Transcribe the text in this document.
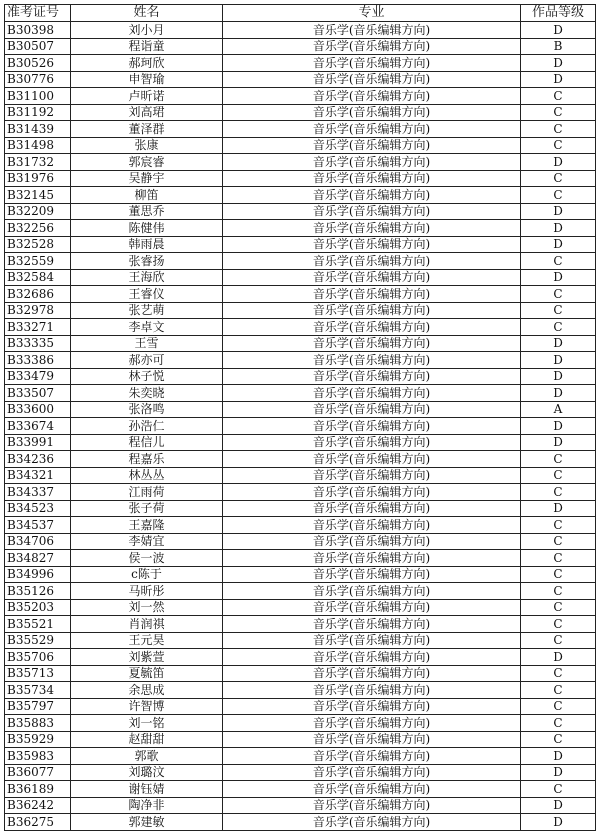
准考证号	姓名	专业	作品等级
B30398	刘小月	音乐学(音乐编辑方向)	D
B30507	程诣童	音乐学(音乐编辑方向)	B
B30526	郝珂欣	音乐学(音乐编辑方向)	D
B30776	申智瑜	音乐学(音乐编辑方向)	D
B31100	卢昕诺	音乐学(音乐编辑方向)	C
B31192	刘高珺	音乐学(音乐编辑方向)	C
B31439	董泽群	音乐学(音乐编辑方向)	C
B31498	张康	音乐学(音乐编辑方向)	C
B31732	郭宸睿	音乐学(音乐编辑方向)	D
B31976	吴静宇	音乐学(音乐编辑方向)	C
B32145	柳笛	音乐学(音乐编辑方向)	C
B32209	董思乔	音乐学(音乐编辑方向)	D
B32256	陈健伟	音乐学(音乐编辑方向)	D
B32528	韩雨晨	音乐学(音乐编辑方向)	D
B32559	张睿扬	音乐学(音乐编辑方向)	C
B32584	王海欣	音乐学(音乐编辑方向)	D
B32686	王睿仪	音乐学(音乐编辑方向)	C
B32978	张艺萌	音乐学(音乐编辑方向)	C
B33271	李卓文	音乐学(音乐编辑方向)	C
B33335	王雪	音乐学(音乐编辑方向)	D
B33386	郝亦可	音乐学(音乐编辑方向)	D
B33479	林子悦	音乐学(音乐编辑方向)	D
B33507	朱奕晓	音乐学(音乐编辑方向)	D
B33600	张洛鸣	音乐学(音乐编辑方向)	A
B33674	孙浩仁	音乐学(音乐编辑方向)	D
B33991	程信儿	音乐学(音乐编辑方向)	D
B34236	程嘉乐	音乐学(音乐编辑方向)	C
B34321	林丛丛	音乐学(音乐编辑方向)	C
B34337	江雨荷	音乐学(音乐编辑方向)	C
B34523	张子荷	音乐学(音乐编辑方向)	D
B34537	王嘉隆	音乐学(音乐编辑方向)	C
B34706	李婧宜	音乐学(音乐编辑方向)	C
B34827	侯一波	音乐学(音乐编辑方向)	C
B34996	c陈于	音乐学(音乐编辑方向)	C
B35126	马昕彤	音乐学(音乐编辑方向)	C
B35203	刘一然	音乐学(音乐编辑方向)	C
B35521	肖润祺	音乐学(音乐编辑方向)	C
B35529	王元昊	音乐学(音乐编辑方向)	C
B35706	刘紫萱	音乐学(音乐编辑方向)	D
B35713	夏毓笛	音乐学(音乐编辑方向)	C
B35734	余思成	音乐学(音乐编辑方向)	C
B35797	许智博	音乐学(音乐编辑方向)	C
B35883	刘一铭	音乐学(音乐编辑方向)	C
B35929	赵甜甜	音乐学(音乐编辑方向)	C
B35983	郭歌	音乐学(音乐编辑方向)	D
B36077	刘璐汶	音乐学(音乐编辑方向)	D
B36189	谢钰婧	音乐学(音乐编辑方向)	C
B36242	陶净非	音乐学(音乐编辑方向)	D
B36275	郭建敏	音乐学(音乐编辑方向)	D
